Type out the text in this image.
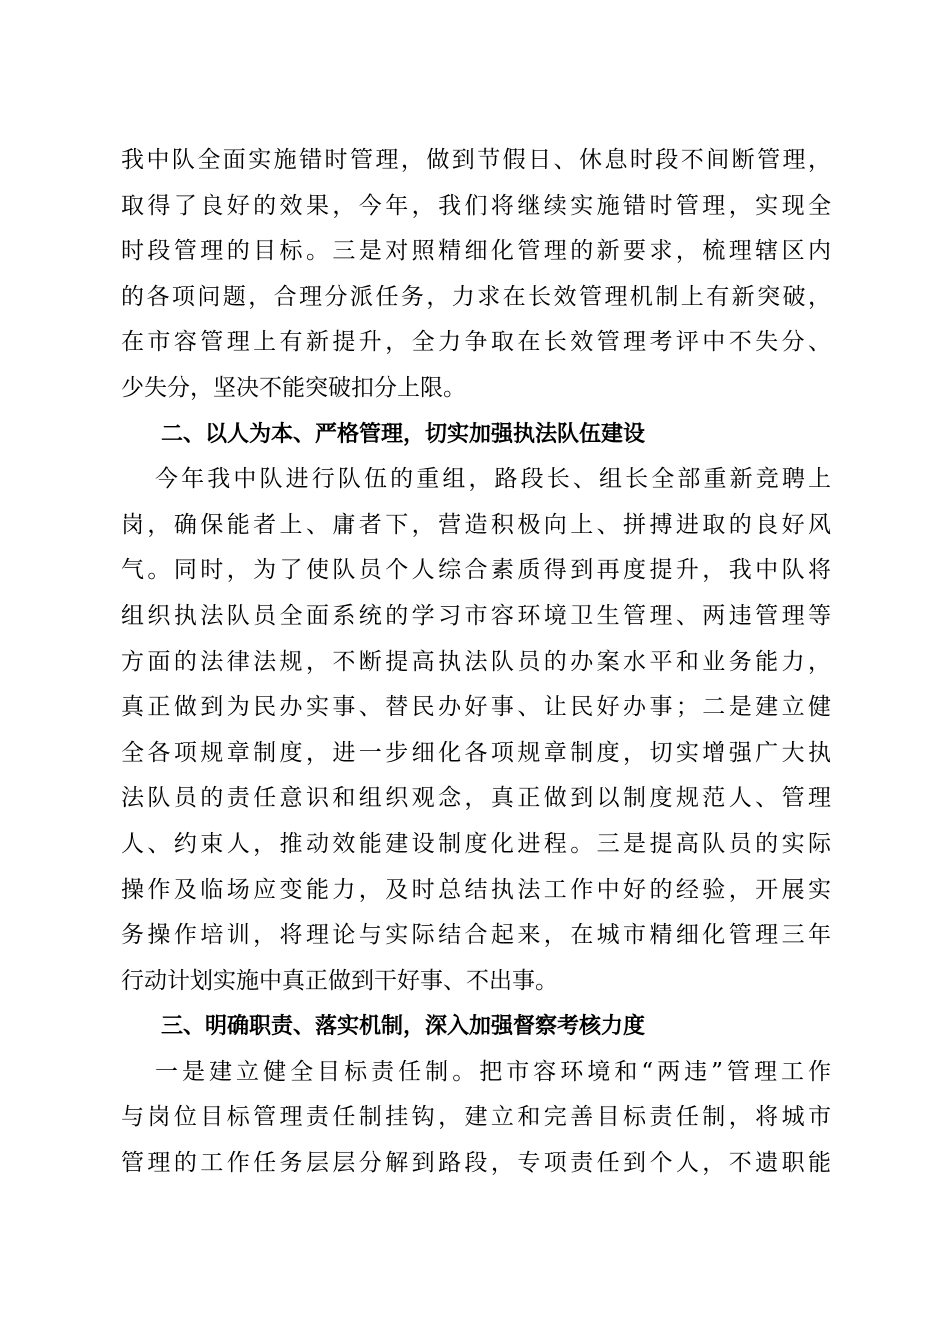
我中队全面实施错时管理，做到节假日、休息时段不间断管理，
取得了良好的效果，今年，我们将继续实施错时管理，实现全
时段管理的目标。三是对照精细化管理的新要求，梳理辖区内
的各项问题，合理分派任务，力求在长效管理机制上有新突破，
在市容管理上有新提升，全力争取在长效管理考评中不失分、
少失分，坚决不能突破扣分上限。
二、以人为本、严格管理，切实加强执法队伍建设
今年我中队进行队伍的重组，路段长、组长全部重新竞聘上
岗，确保能者上、庸者下，营造积极向上、拼搏进取的良好风
气。同时，为了使队员个人综合素质得到再度提升，我中队将
组织执法队员全面系统的学习市容环境卫生管理、两违管理等
方面的法律法规，不断提高执法队员的办案水平和业务能力，
真正做到为民办实事、替民办好事、让民好办事；二是建立健
全各项规章制度，进一步细化各项规章制度，切实增强广大执
法队员的责任意识和组织观念，真正做到以制度规范人、管理
人、约束人，推动效能建设制度化进程。三是提高队员的实际
操作及临场应变能力，及时总结执法工作中好的经验，开展实
务操作培训，将理论与实际结合起来，在城市精细化管理三年
行动计划实施中真正做到干好事、不出事。
三、明确职责、落实机制，深入加强督察考核力度
一是建立健全目标责任制。把市容环境和“两违”管理工作
与岗位目标管理责任制挂钩，建立和完善目标责任制，将城市
管理的工作任务层层分解到路段，专项责任到个人，不遗职能
